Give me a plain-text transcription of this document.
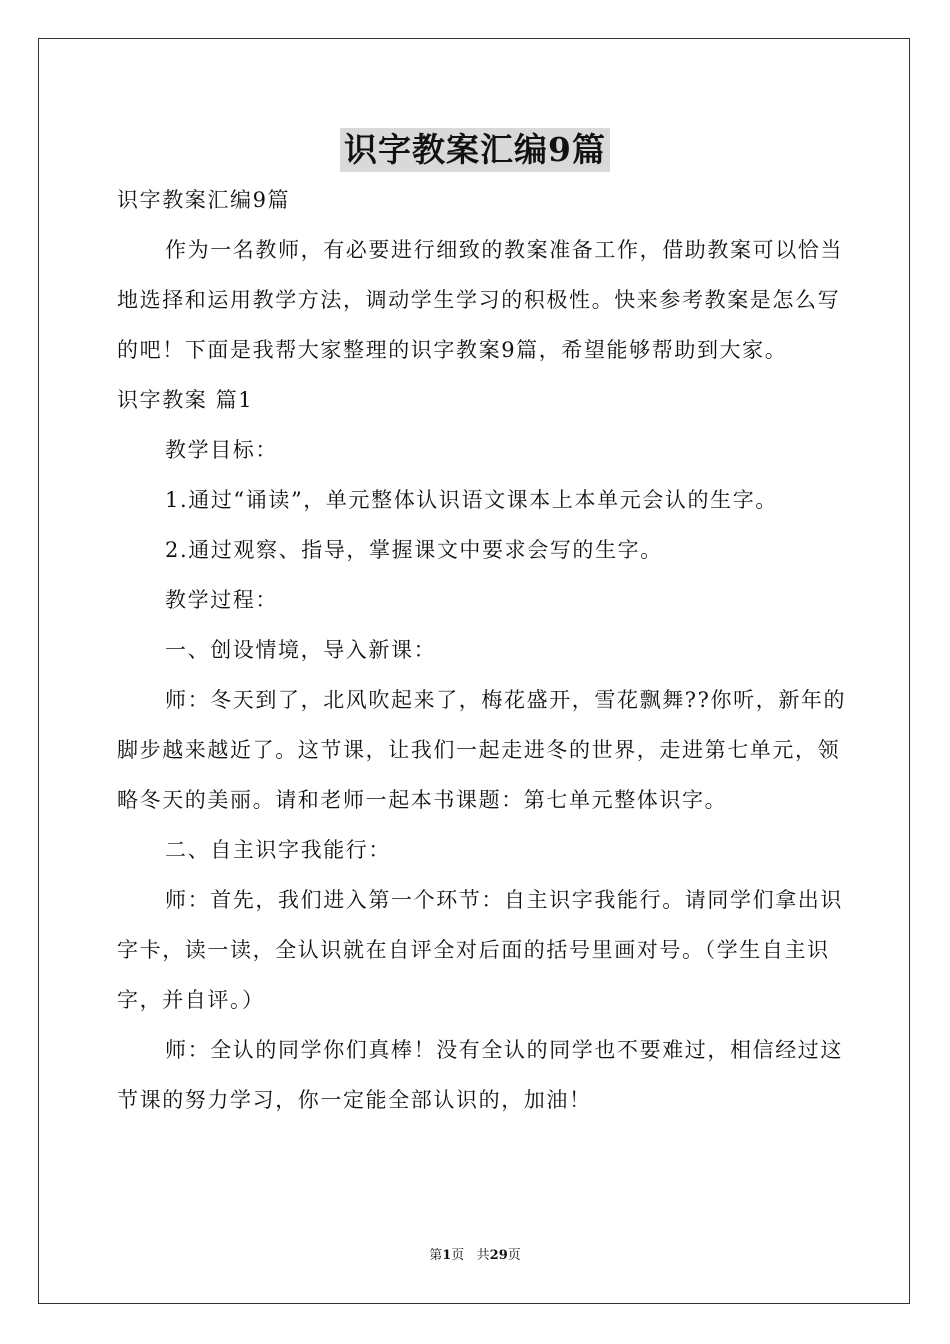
识字教案汇编9篇

识字教案汇编9篇

作为一名教师，有必要进行细致的教案准备工作，借助教案可以恰当地选择和运用教学方法，调动学生学习的积极性。快来参考教案是怎么写的吧！下面是我帮大家整理的识字教案9篇，希望能够帮助到大家。

识字教案 篇1

教学目标：

1.通过“诵读”，单元整体认识语文课本上本单元会认的生字。

2.通过观察、指导，掌握课文中要求会写的生字。

教学过程：

一、创设情境，导入新课：

师：冬天到了，北风吹起来了，梅花盛开，雪花飘舞??你听，新年的脚步越来越近了。这节课，让我们一起走进冬的世界，走进第七单元，领略冬天的美丽。请和老师一起本书课题：第七单元整体识字。

二、自主识字我能行：

师：首先，我们进入第一个环节：自主识字我能行。请同学们拿出识字卡，读一读，全认识就在自评全对后面的括号里画对号。（学生自主识字，并自评。）

师：全认的同学你们真棒！没有全认的同学也不要难过，相信经过这节课的努力学习，你一定能全部认识的，加油！

第1页   共29页
